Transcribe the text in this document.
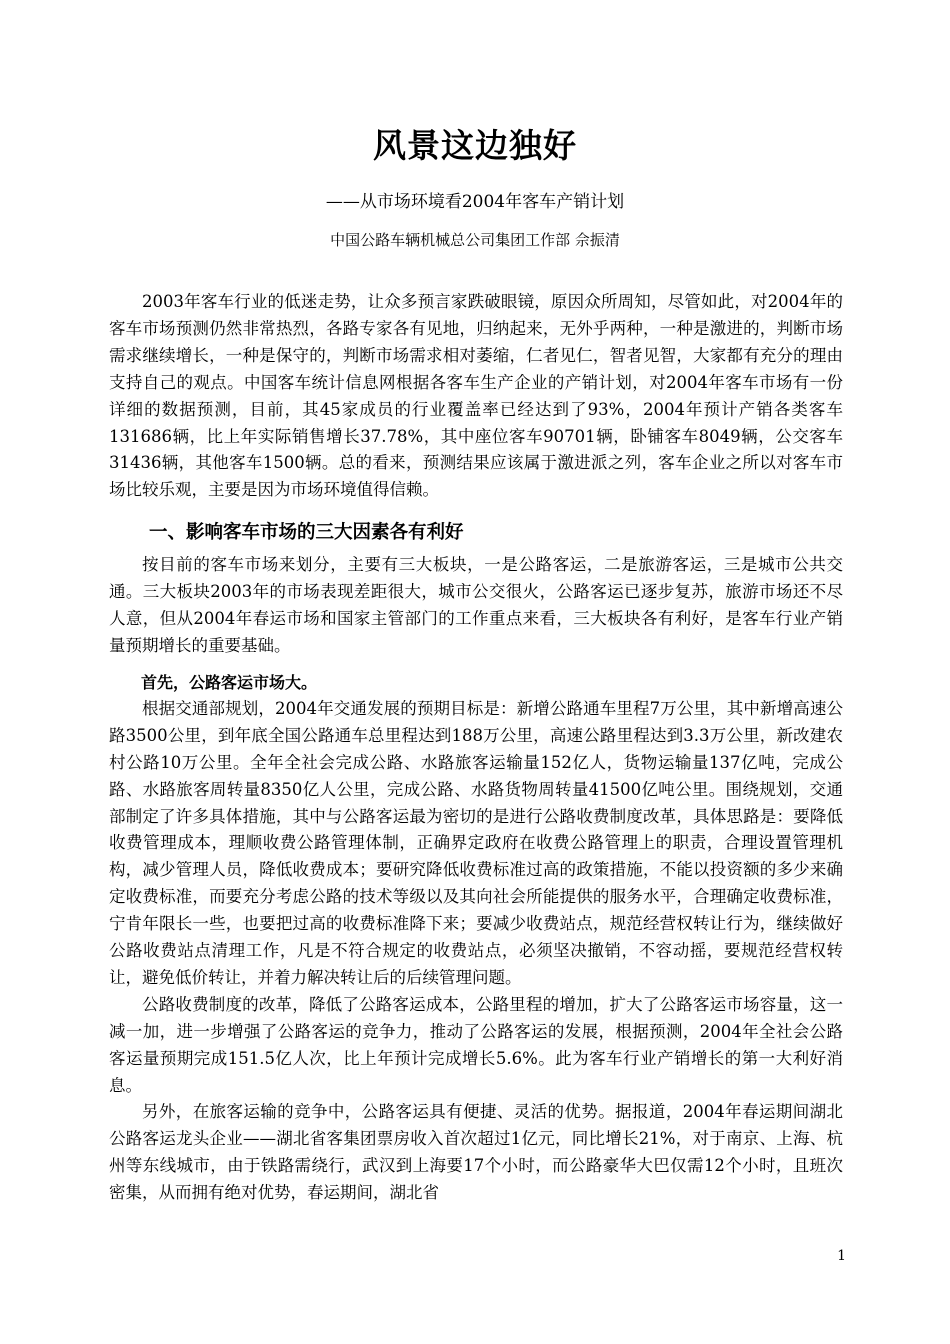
风景这边独好
——从市场环境看2004年客车产销计划
中国公路车辆机械总公司集团工作部 佘振清

2003年客车行业的低迷走势，让众多预言家跌破眼镜，原因众所周知，尽管如此，对2004年的客车市场预测仍然非常热烈，各路专家各有见地，归纳起来，无外乎两种，一种是激进的，判断市场需求继续增长，一种是保守的，判断市场需求相对萎缩，仁者见仁，智者见智，大家都有充分的理由支持自己的观点。中国客车统计信息网根据各客车生产企业的产销计划，对2004年客车市场有一份详细的数据预测，目前，其45家成员的行业覆盖率已经达到了93%，2004年预计产销各类客车131686辆，比上年实际销售增长37.78%，其中座位客车90701辆，卧铺客车8049辆，公交客车31436辆，其他客车1500辆。总的看来，预测结果应该属于激进派之列，客车企业之所以对客车市场比较乐观，主要是因为市场环境值得信赖。

一、影响客车市场的三大因素各有利好

按目前的客车市场来划分，主要有三大板块，一是公路客运，二是旅游客运，三是城市公共交通。三大板块2003年的市场表现差距很大，城市公交很火，公路客运已逐步复苏，旅游市场还不尽人意，但从2004年春运市场和国家主管部门的工作重点来看，三大板块各有利好，是客车行业产销量预期增长的重要基础。

首先，公路客运市场大。

根据交通部规划，2004年交通发展的预期目标是：新增公路通车里程7万公里，其中新增高速公路3500公里，到年底全国公路通车总里程达到188万公里，高速公路里程达到3.3万公里，新改建农村公路10万公里。全年全社会完成公路、水路旅客运输量152亿人，货物运输量137亿吨，完成公路、水路旅客周转量8350亿人公里，完成公路、水路货物周转量41500亿吨公里。围绕规划，交通部制定了许多具体措施，其中与公路客运最为密切的是进行公路收费制度改革，具体思路是：要降低收费管理成本，理顺收费公路管理体制，正确界定政府在收费公路管理上的职责，合理设置管理机构，减少管理人员，降低收费成本；要研究降低收费标准过高的政策措施，不能以投资额的多少来确定收费标准，而要充分考虑公路的技术等级以及其向社会所能提供的服务水平，合理确定收费标准，宁肯年限长一些，也要把过高的收费标准降下来；要减少收费站点，规范经营权转让行为，继续做好公路收费站点清理工作，凡是不符合规定的收费站点，必须坚决撤销，不容动摇，要规范经营权转让，避免低价转让，并着力解决转让后的后续管理问题。

公路收费制度的改革，降低了公路客运成本，公路里程的增加，扩大了公路客运市场容量，这一减一加，进一步增强了公路客运的竞争力，推动了公路客运的发展，根据预测，2004年全社会公路客运量预期完成151.5亿人次，比上年预计完成增长5.6%。此为客车行业产销增长的第一大利好消息。

另外，在旅客运输的竞争中，公路客运具有便捷、灵活的优势。据报道，2004年春运期间湖北公路客运龙头企业——湖北省客集团票房收入首次超过1亿元，同比增长21%，对于南京、上海、杭州等东线城市，由于铁路需绕行，武汉到上海要17个小时，而公路豪华大巴仅需12个小时，且班次密集，从而拥有绝对优势，春运期间，湖北省

1
